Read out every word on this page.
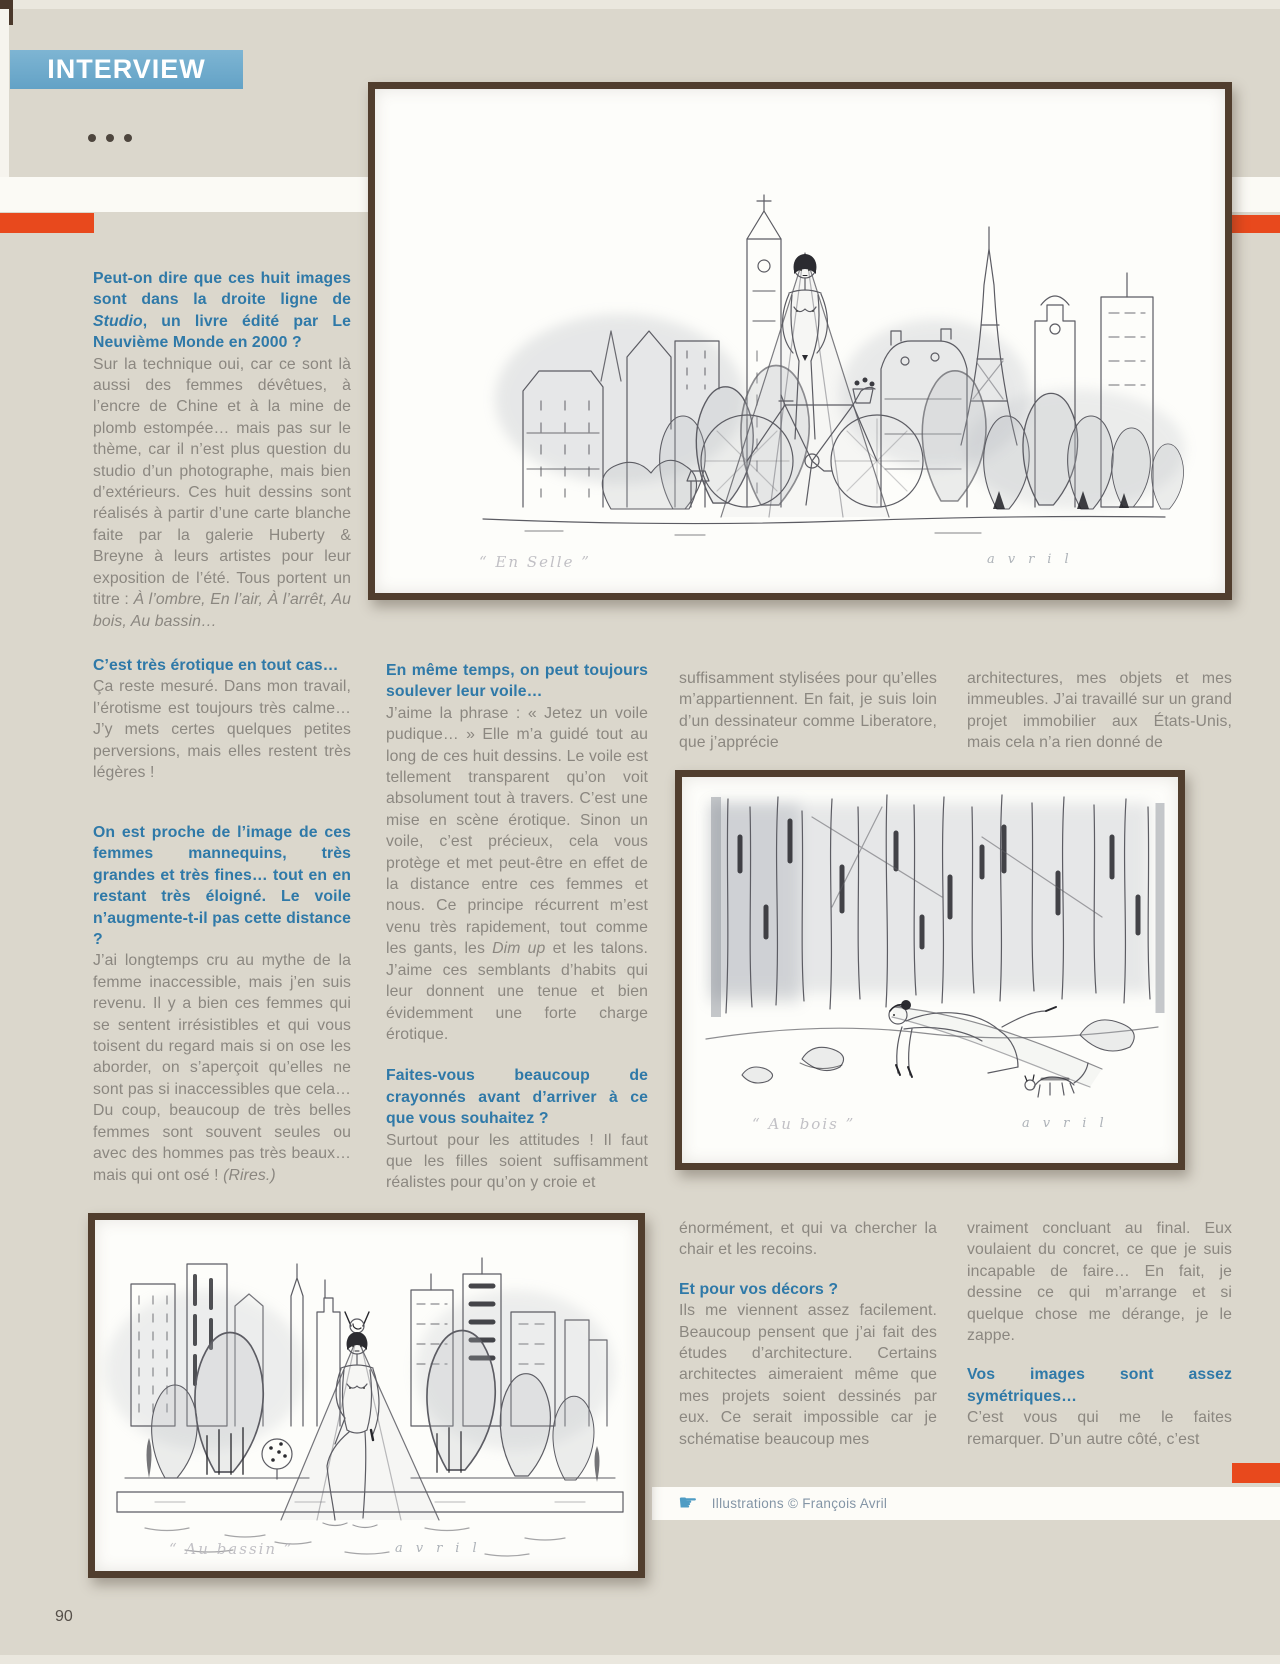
INTERVIEW

Peut-on dire que ces huit images sont dans la droite ligne de Studio, un livre édité par Le Neuvième Monde en 2000 ?

Sur la technique oui, car ce sont là aussi des femmes dévêtues, à l’encre de Chine et à la mine de plomb estompée… mais pas sur le thème, car il n’est plus question du studio d’un photographe, mais bien d’extérieurs. Ces huit dessins sont réalisés à partir d’une carte blanche faite par la galerie Huberty & Breyne à leurs artistes pour leur exposition de l’été. Tous portent un titre : À l’ombre, En l’air, À l’arrêt, Au bois, Au bassin…

C’est très érotique en tout cas…

Ça reste mesuré. Dans mon travail, l’érotisme est toujours très calme… J’y mets certes quelques petites perversions, mais elles restent très légères !

On est proche de l’image de ces femmes mannequins, très grandes et très fines… tout en en restant très éloigné. Le voile n’augmente-t-il pas cette distance ?

J’ai longtemps cru au mythe de la femme inaccessible, mais j’en suis revenu. Il y a bien ces femmes qui se sentent irrésistibles et qui vous toisent du regard mais si on ose les aborder, on s’aperçoit qu’elles ne sont pas si inaccessibles que cela… Du coup, beaucoup de très belles femmes sont souvent seules ou avec des hommes pas très beaux… mais qui ont osé ! (Rires.)

En même temps, on peut toujours soulever leur voile…

J’aime la phrase : « Jetez un voile pudique… » Elle m’a guidé tout au long de ces huit dessins. Le voile est tellement transparent qu’on voit absolument tout à travers. C’est une mise en scène érotique. Sinon un voile, c’est précieux, cela vous protège et met peut-être en effet de la distance entre ces femmes et nous. Ce principe récurrent m’est venu très rapidement, tout comme les gants, les Dim up et les talons. J’aime ces semblants d’habits qui leur donnent une tenue et bien évidemment une forte charge érotique.

Faites-vous beaucoup de crayonnés avant d’arriver à ce que vous souhaitez ?

Surtout pour les attitudes ! Il faut que les filles soient suffisamment réalistes pour qu’on y croie et

suffisamment stylisées pour qu’elles m’appartiennent. En fait, je suis loin d’un dessinateur comme Liberatore, que j’apprécie

architectures, mes objets et mes immeubles. J’ai travaillé sur un grand projet immobilier aux États-Unis, mais cela n’a rien donné de

énormément, et qui va chercher la chair et les recoins.

Et pour vos décors ?

Ils me viennent assez facilement. Beaucoup pensent que j’ai fait des études d’architecture. Certains architectes aimeraient même que mes projets soient dessinés par eux. Ce serait impossible car je schématise beaucoup mes

vraiment concluant au final. Eux voulaient du concret, ce que je suis incapable de faire… En fait, je dessine ce qui m’arrange et si quelque chose me dérange, je le zappe.

Vos images sont assez symétriques…

C’est vous qui me le faites remarquer. D’un autre côté, c’est

“ En Selle ”	avril
“ Au bois ”	avril
“ Au bassin ”	avril
☛ Illustrations © François Avril
90
